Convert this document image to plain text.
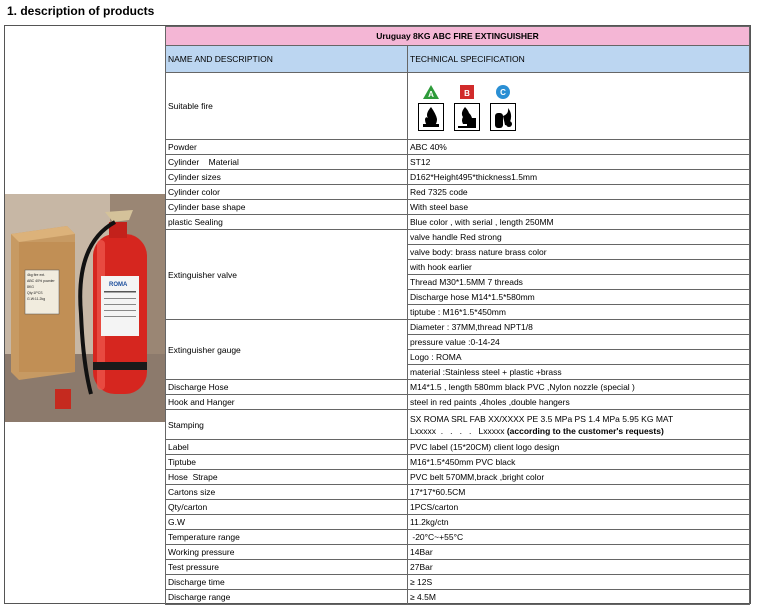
1. description of products
4kg fire ext.
ABC 40% powder
8KG
Qty:1PCS
G.W:11.2kg
ROMA
Uruguay 8KG ABC FIRE EXTINGUISHER	
NAME AND DESCRIPTION	TECHNICAL SPECIFICATION
Suitable fire	A B C

Powder	ABC 40%
Cylinder    Material	ST12
Cylinder sizes	D162*Height495*thickness1.5mm
Cylinder color	Red 7325 code
Cylinder base shape	With steel base
plastic Sealing	Blue color , with serial , length 250MM
Extinguisher valve	valve handle Red strong
	valve body: brass nature brass color
	with hook earlier
	Thread M30*1.5MM 7 threads
	Discharge hose M14*1.5*580mm
	tiptube : M16*1.5*450mm
Extinguisher gauge	Diameter : 37MM,thread NPT1/8
	pressure value :0-14-24
	Logo : ROMA
	material :Stainless steel + plastic +brass
Discharge Hose	M14*1.5 , length 580mm black PVC ,Nylon nozzle (special )
Hook and Hanger	steel in red paints ,4holes ,double hangers
Stamping	SX ROMA SRL FAB XX/XXXX PE 3.5 MPa PS 1.4 MPa 5.95 KG MAT
Lxxxxx  .   .   .   .   Lxxxxx (according to the customer's requests)

Label	PVC label (15*20CM) client logo design
Tiptube	M16*1.5*450mm PVC black
Hose  Strape	PVC belt 570MM,brack ,bright color
Cartons size	17*17*60.5CM
Qty/carton	1PCS/carton
G.W	11.2kg/ctn
Temperature range	-20°C~+55°C
Working pressure	14Bar
Test pressure	27Bar
Discharge time	≥ 12S
Discharge range	≥ 4.5M
